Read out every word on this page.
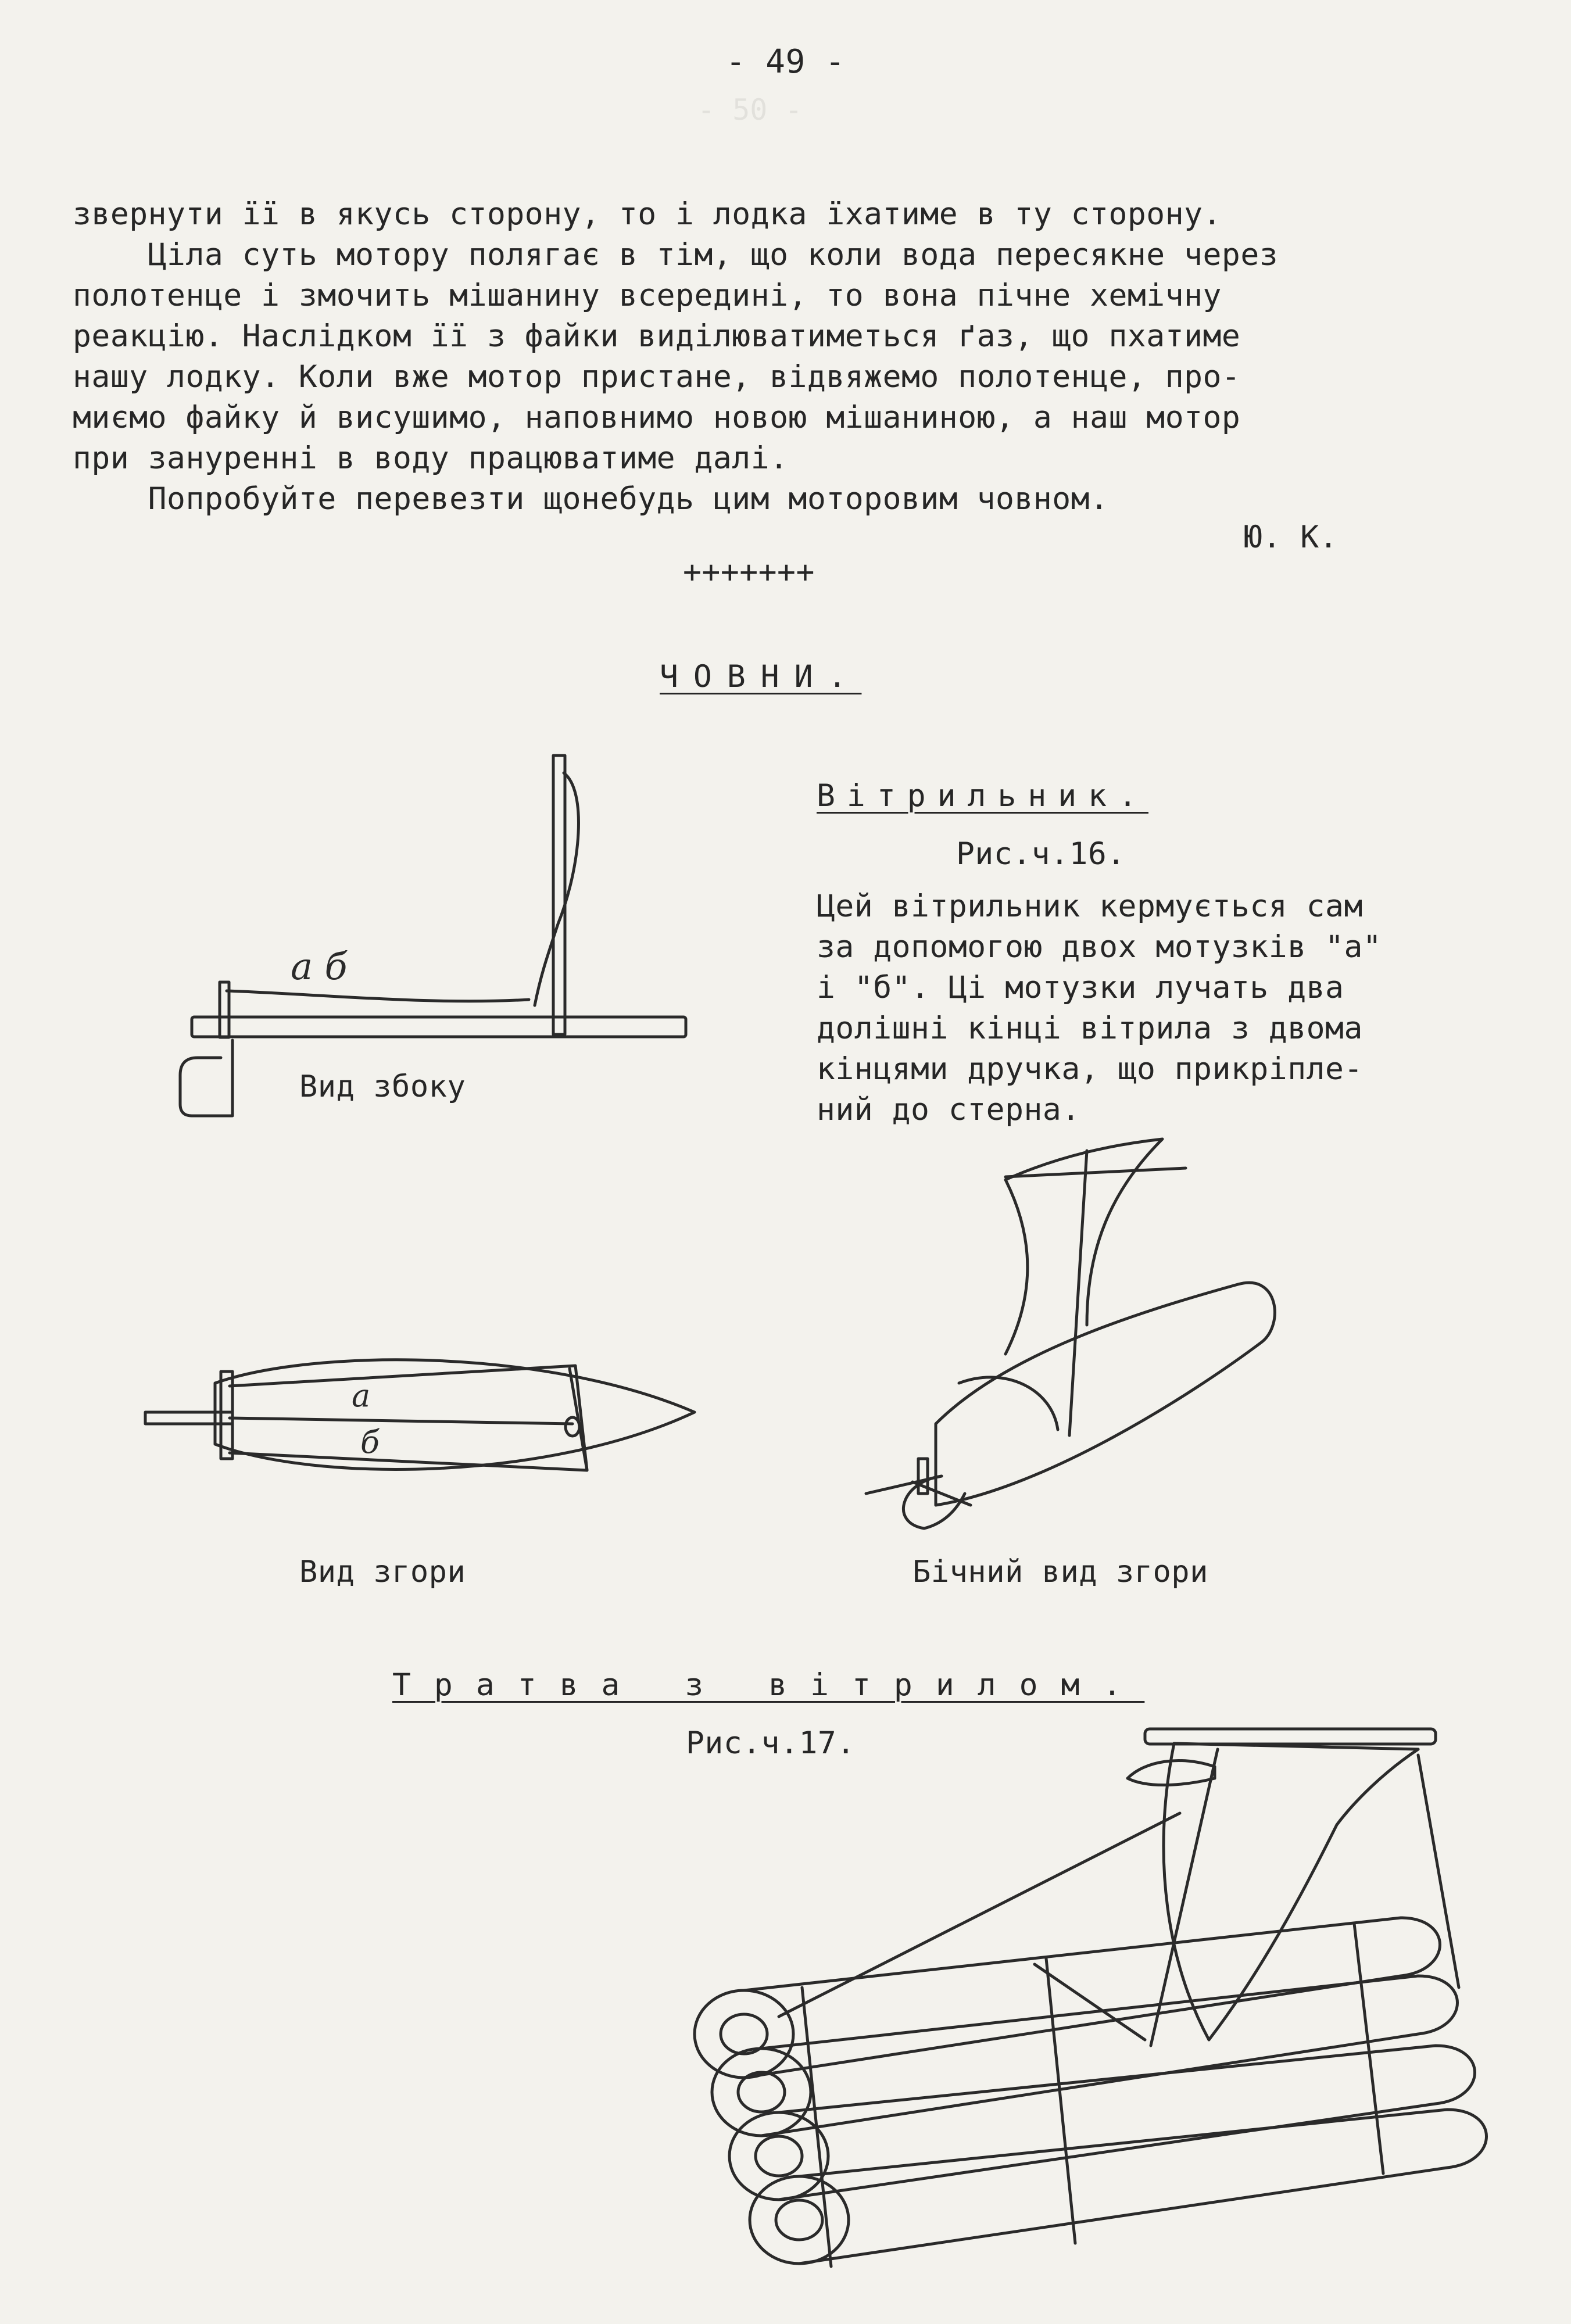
- 50 -
- 49 -
звернути її в якусь сторону, то і лодка їхатиме в ту сторону.
Ціла суть мотору полягає в тім, що коли вода пересякне через
полотенце і змочить мішанину всередині, то вона пічне хемічну
реакцію. Наслідком її з файки виділюватиметься ґаз, що пхатиме
нашу лодку. Коли вже мотор пристане, відвяжемо полотенце, про-
миємо файку й висушимо, наповнимо новою мішаниною, а наш мотор
при зануренні в воду працюватиме далі.
Попробуйте перевезти щонебудь цим моторовим човном.
Ю. К.
+++++++
ЧОВНИ.
Вітрильник.
Рис.ч.16.
Цей вітрильник кермується сам
за допомогою двох мотузків "а"
і "б". Ці мотузки лучать два
долішні кінці вітрила з двома
кінцями дручка, що прикріпле-
ний до стерна.
а б
Вид збоку
а
б
Вид згори	Бічний вид згори
Тратва з вітрилом.
Рис.ч.17.
